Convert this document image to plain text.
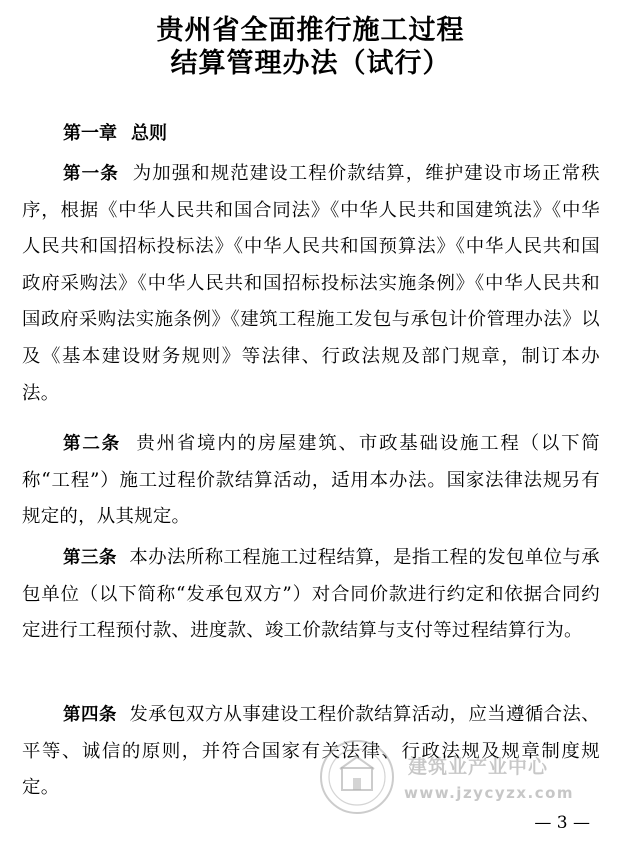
贵州省全面推行施工过程
结算管理办法（试行）
第一章 总则

第一条 为加强和规范建设工程价款结算，维护建设市场正常秩序，根据《中华人民共和国合同法》《中华人民共和国建筑法》《中华人民共和国招标投标法》《中华人民共和国预算法》《中华人民共和国政府采购法》《中华人民共和国招标投标法实施条例》《中华人民共和国政府采购法实施条例》《建筑工程施工发包与承包计价管理办法》以及《基本建设财务规则》等法律、行政法规及部门规章，制订本办法。

第二条 贵州省境内的房屋建筑、市政基础设施工程（以下简称“工程”）施工过程价款结算活动，适用本办法。国家法律法规另有规定的，从其规定。

第三条 本办法所称工程施工过程结算，是指工程的发包单位与承包单位（以下简称“发承包双方”）对合同价款进行约定和依据合同约定进行工程预付款、进度款、竣工价款结算与支付等过程结算行为。

第四条 发承包双方从事建设工程价款结算活动，应当遵循合法、平等、诚信的原则，并符合国家有关法律、行政法规及规章制度规定。

建筑业产业中心
www.jzycyzx.com
— 3 —
